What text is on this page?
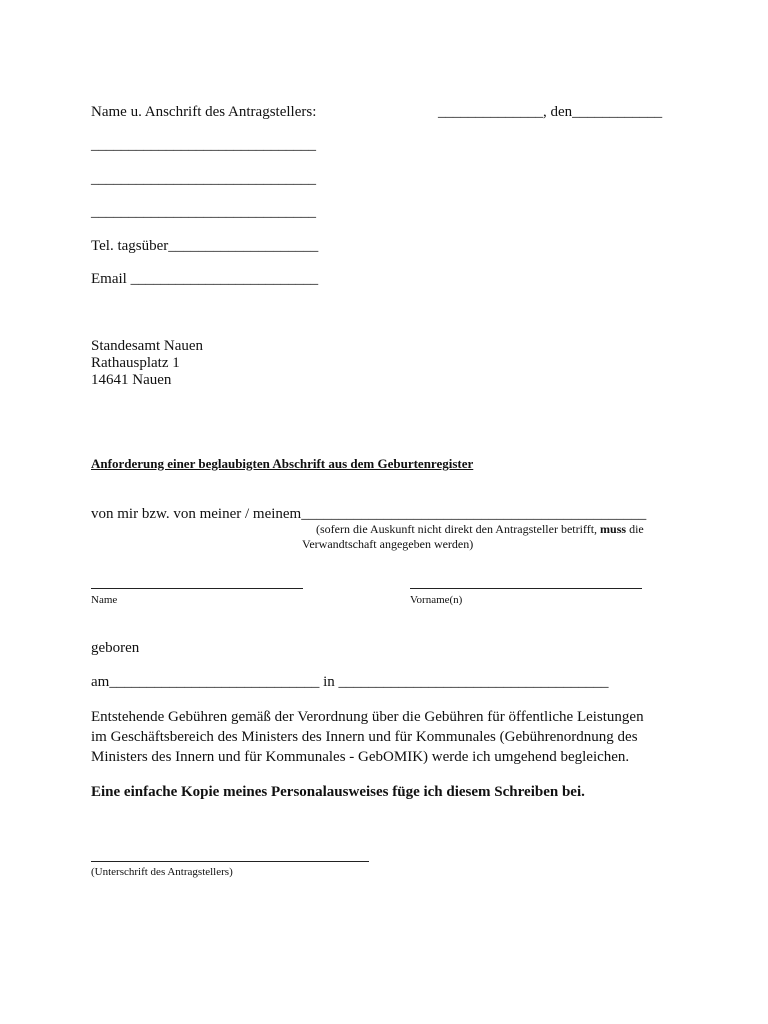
Name u. Anschrift des Antragstellers:	______________, den____________
______________________________
______________________________
______________________________
Tel. tagsüber____________________
Email _________________________
Standesamt Nauen
Rathausplatz 1
14641 Nauen
Anforderung einer beglaubigten Abschrift aus dem Geburtenregister
von mir bzw. von meiner / meinem______________________________________________
(sofern die Auskunft nicht direkt den Antragsteller betrifft, muss die
Verwandtschaft angegeben werden)
Name	Vorname(n)
geboren
am____________________________ in ____________________________________
Entstehende Gebühren gemäß der Verordnung über die Gebühren für öffentliche Leistungen
im Geschäftsbereich des Ministers des Innern und für Kommunales (Gebührenordnung des
Ministers des Innern und für Kommunales - GebOMIK) werde ich umgehend begleichen.
Eine einfache Kopie meines Personalausweises füge ich diesem Schreiben bei.
(Unterschrift des Antragstellers)
